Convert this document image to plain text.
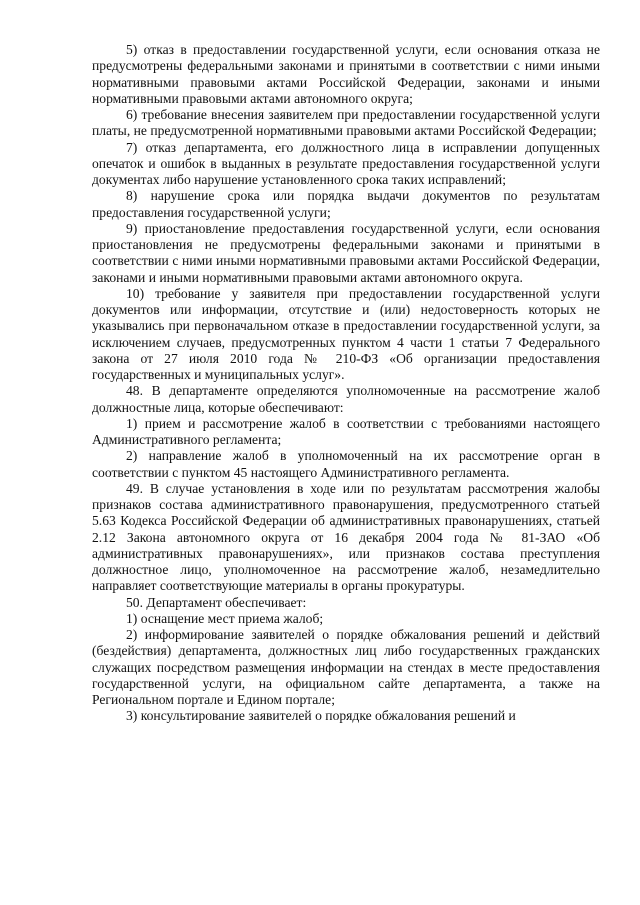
5) отказ в предоставлении государственной услуги, если основания отказа не предусмотрены федеральными законами и принятыми в соответствии с ними иными нормативными правовыми актами Российской Федерации, законами и иными нормативными правовыми актами автономного округа;

6) требование внесения заявителем при предоставлении государственной услуги платы, не предусмотренной нормативными правовыми актами Российской Федерации;

7) отказ департамента, его должностного лица в исправлении допущенных опечаток и ошибок в выданных в результате предоставления государственной услуги документах либо нарушение установленного срока таких исправлений;

8) нарушение срока или порядка выдачи документов по результатам предоставления государственной услуги;

9) приостановление предоставления государственной услуги, если основания приостановления не предусмотрены федеральными законами и принятыми в соответствии с ними иными нормативными правовыми актами Российской Федерации, законами и иными нормативными правовыми актами автономного округа.

10) требование у заявителя при предоставлении государственной услуги документов или информации, отсутствие и (или) недостоверность которых не указывались при первоначальном отказе в предоставлении государственной услуги, за исключением случаев, предусмотренных пунктом 4 части 1 статьи 7 Федерального закона от 27 июля 2010 года № 210-ФЗ «Об организации предоставления государственных и муниципальных услуг».

48. В департаменте определяются уполномоченные на рассмотрение жалоб должностные лица, которые обеспечивают:

1) прием и рассмотрение жалоб в соответствии с требованиями настоящего Административного регламента;

2) направление жалоб в уполномоченный на их рассмотрение орган в соответствии с пунктом 45 настоящего Административного регламента.

49. В случае установления в ходе или по результатам рассмотрения жалобы признаков состава административного правонарушения, предусмотренного статьей 5.63 Кодекса Российской Федерации об административных правонарушениях, статьей 2.12 Закона автономного округа от 16 декабря 2004 года № 81-ЗАО «Об административных правонарушениях», или признаков состава преступления должностное лицо, уполномоченное на рассмотрение жалоб, незамедлительно направляет соответствующие материалы в органы прокуратуры.

50. Департамент обеспечивает:

1) оснащение мест приема жалоб;

2) информирование заявителей о порядке обжалования решений и действий (бездействия) департамента, должностных лиц либо государственных гражданских служащих посредством размещения информации на стендах в месте предоставления государственной услуги, на официальном сайте департамента, а также на Региональном портале и Едином портале;

3) консультирование заявителей о порядке обжалования решений и
